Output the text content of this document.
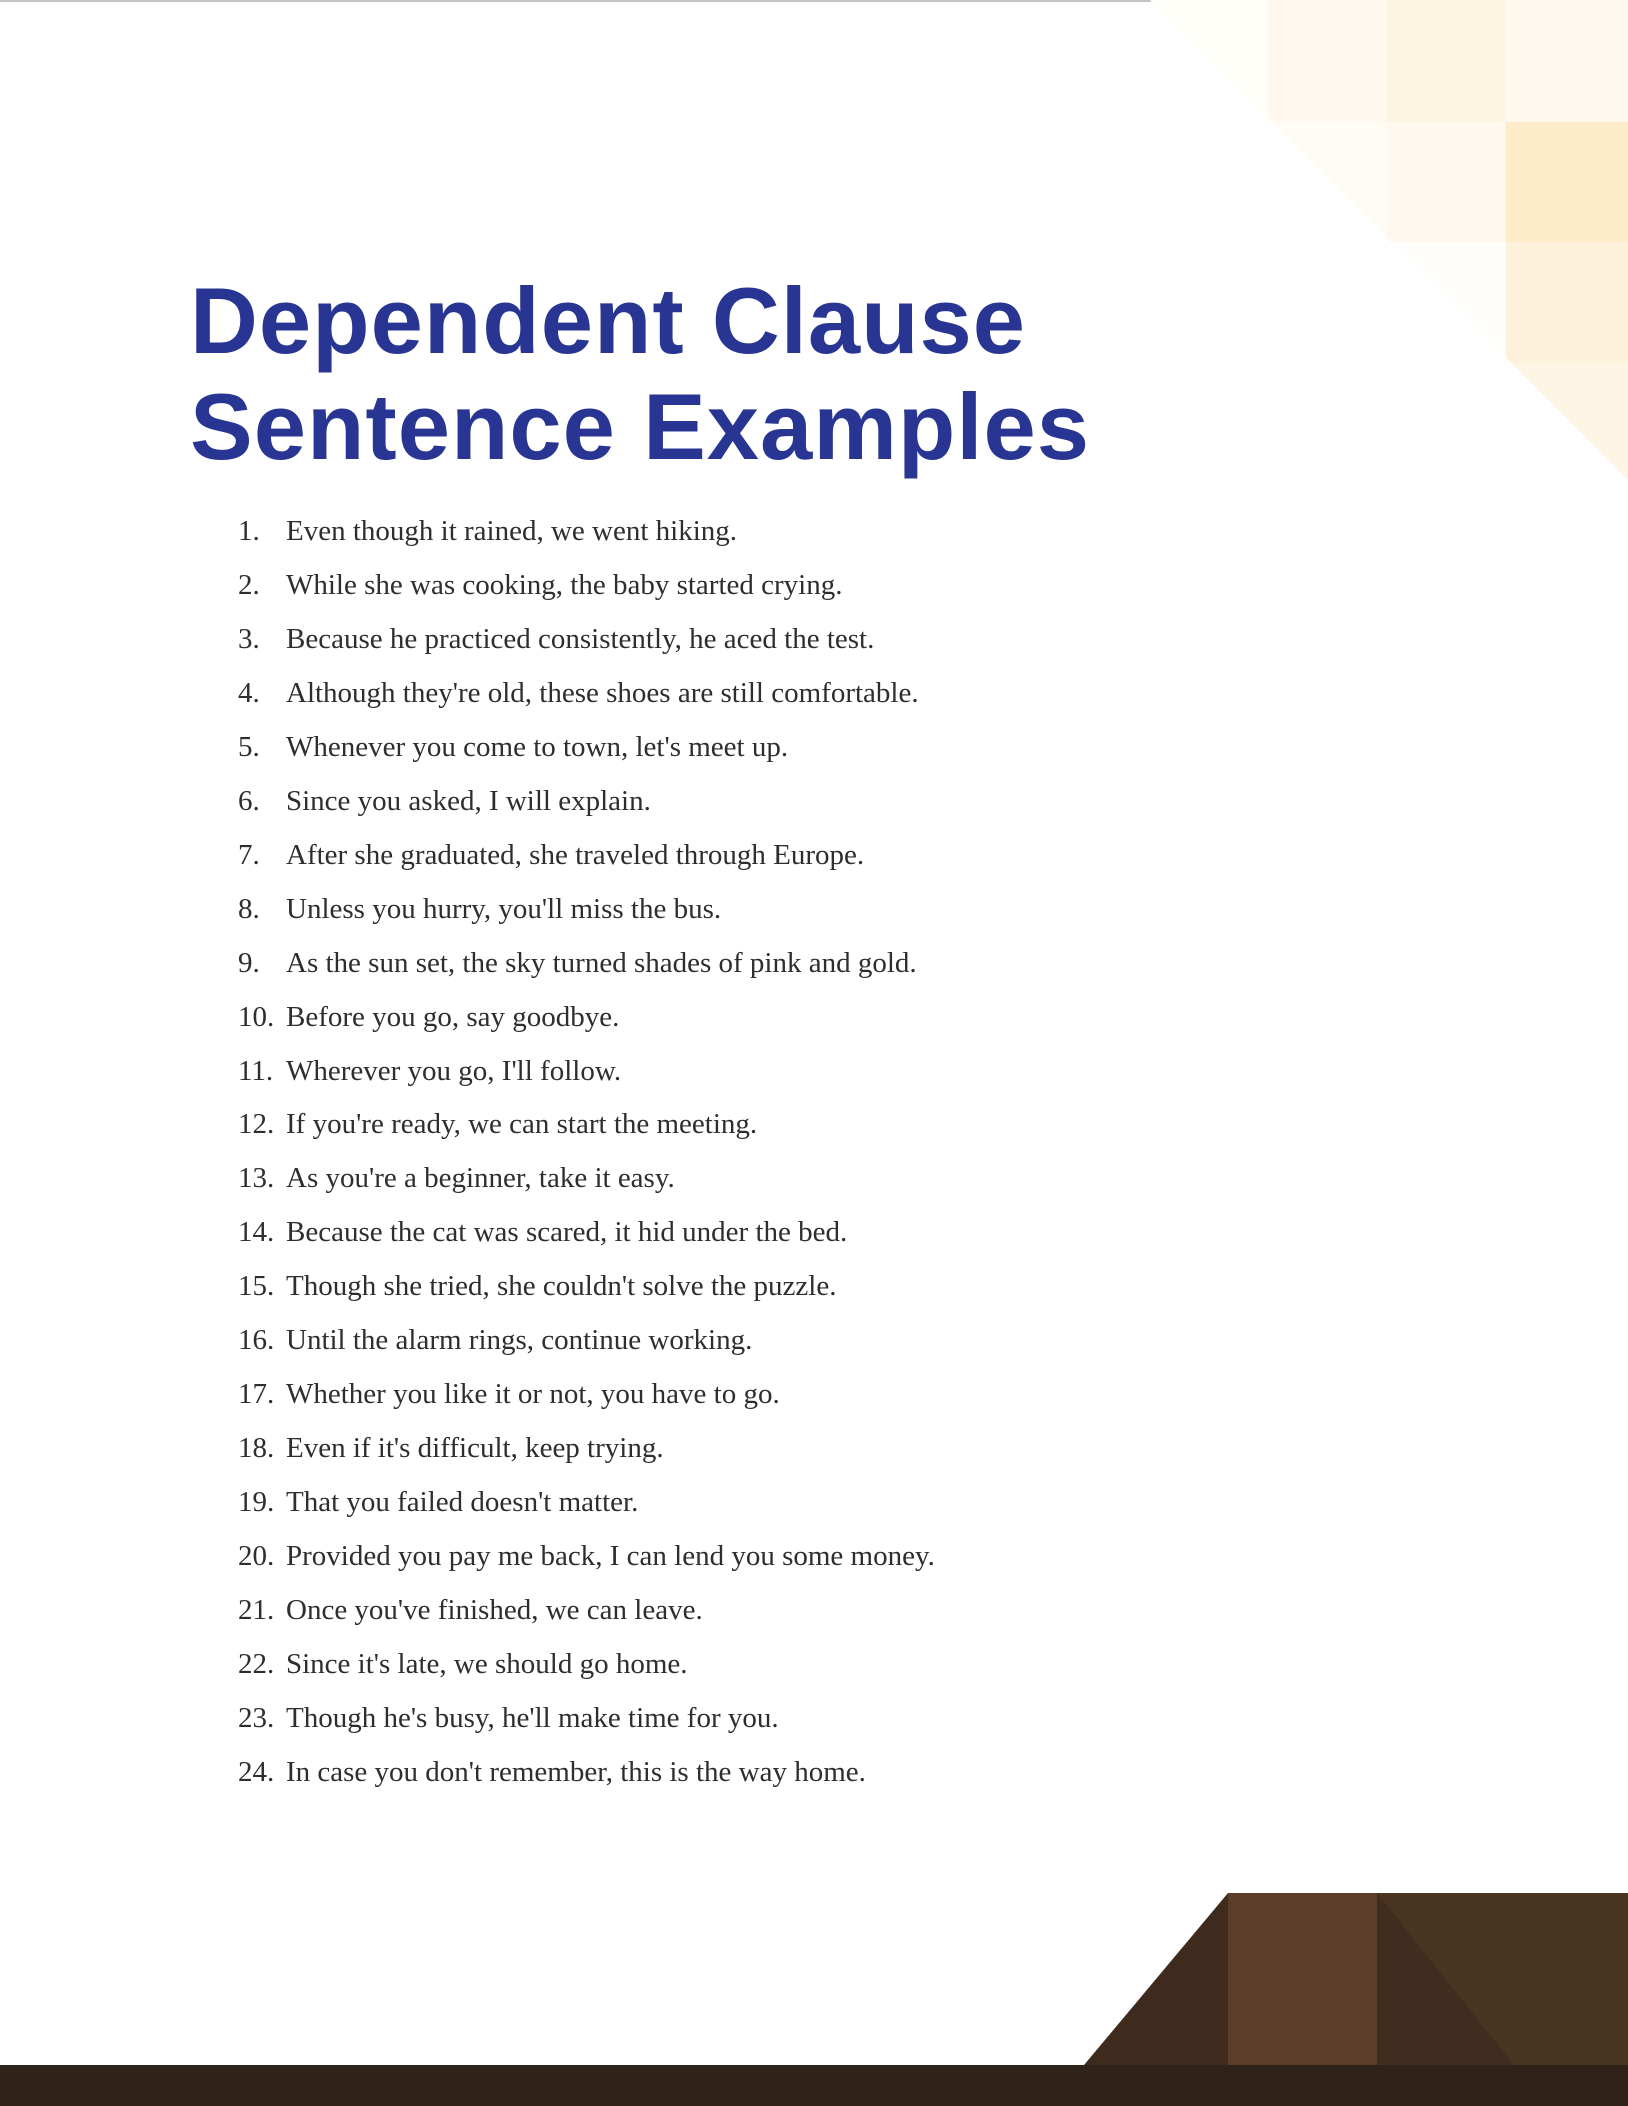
Dependent Clause
Sentence Examples
1. Even though it rained, we went hiking.
2. While she was cooking, the baby started crying.
3. Because he practiced consistently, he aced the test.
4. Although they're old, these shoes are still comfortable.
5. Whenever you come to town, let's meet up.
6. Since you asked, I will explain.
7. After she graduated, she traveled through Europe.
8. Unless you hurry, you'll miss the bus.
9. As the sun set, the sky turned shades of pink and gold.
10. Before you go, say goodbye.
11. Wherever you go, I'll follow.
12. If you're ready, we can start the meeting.
13. As you're a beginner, take it easy.
14. Because the cat was scared, it hid under the bed.
15. Though she tried, she couldn't solve the puzzle.
16. Until the alarm rings, continue working.
17. Whether you like it or not, you have to go.
18. Even if it's difficult, keep trying.
19. That you failed doesn't matter.
20. Provided you pay me back, I can lend you some money.
21. Once you've finished, we can leave.
22. Since it's late, we should go home.
23. Though he's busy, he'll make time for you.
24. In case you don't remember, this is the way home.
